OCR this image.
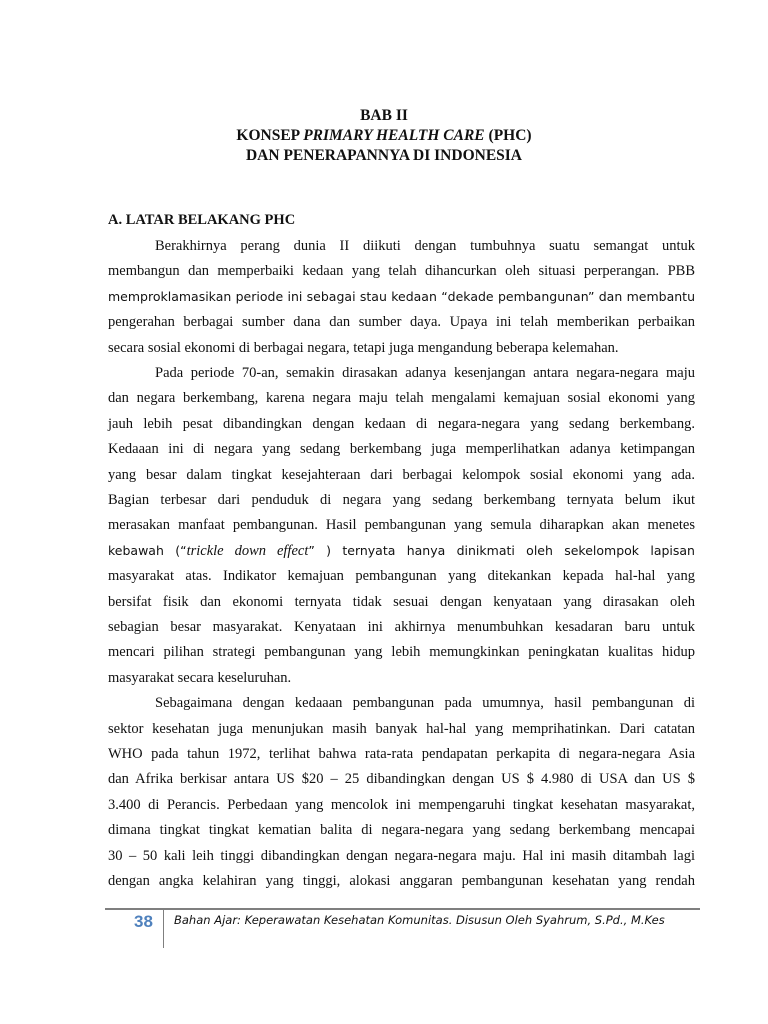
BAB II
KONSEP PRIMARY HEALTH CARE (PHC)
DAN PENERAPANNYA DI INDONESIA
A. LATAR BELAKANG PHC
Berakhirnya perang dunia II diikuti dengan tumbuhnya suatu semangat untuk
membangun dan memperbaiki kedaan yang telah dihancurkan oleh situasi perperangan. PBB
memproklamasikan periode ini sebagai stau kedaan “dekade pembangunan” dan membantu
pengerahan berbagai sumber dana dan sumber daya. Upaya ini telah memberikan perbaikan
secara sosial ekonomi di berbagai negara, tetapi juga mengandung beberapa kelemahan.
Pada periode 70-an, semakin dirasakan adanya kesenjangan antara negara-negara maju
dan negara berkembang, karena negara maju telah mengalami kemajuan sosial ekonomi yang
jauh lebih pesat dibandingkan dengan kedaan di negara-negara yang sedang berkembang.
Kedaaan ini di negara yang sedang berkembang juga memperlihatkan adanya ketimpangan
yang besar dalam tingkat kesejahteraan dari berbagai kelompok sosial ekonomi yang ada.
Bagian terbesar dari penduduk di negara yang sedang berkembang ternyata belum ikut
merasakan manfaat pembangunan. Hasil pembangunan yang semula diharapkan akan menetes
kebawah (“trickle down effect” ) ternyata hanya dinikmati oleh sekelompok lapisan
masyarakat atas. Indikator kemajuan pembangunan yang ditekankan kepada hal-hal yang
bersifat fisik dan ekonomi ternyata tidak sesuai dengan kenyataan yang dirasakan oleh
sebagian besar masyarakat. Kenyataan ini akhirnya menumbuhkan kesadaran baru untuk
mencari pilihan strategi pembangunan yang lebih memungkinkan peningkatan kualitas hidup
masyarakat secara keseluruhan.
Sebagaimana dengan kedaaan pembangunan pada umumnya, hasil pembangunan di
sektor kesehatan juga menunjukan masih banyak hal-hal yang memprihatinkan. Dari catatan
WHO pada tahun 1972, terlihat bahwa rata-rata pendapatan perkapita di negara-negara Asia
dan Afrika berkisar antara US $20 – 25 dibandingkan dengan US $ 4.980 di USA dan US $
3.400 di Perancis. Perbedaan yang mencolok ini mempengaruhi tingkat kesehatan masyarakat,
dimana tingkat tingkat kematian balita di negara-negara yang sedang berkembang mencapai
30 – 50 kali leih tinggi dibandingkan dengan negara-negara maju. Hal ini masih ditambah lagi
dengan angka kelahiran yang tinggi, alokasi anggaran pembangunan kesehatan yang rendah
38 Bahan Ajar: Keperawatan Kesehatan Komunitas. Disusun Oleh Syahrum, S.Pd., M.Kes
